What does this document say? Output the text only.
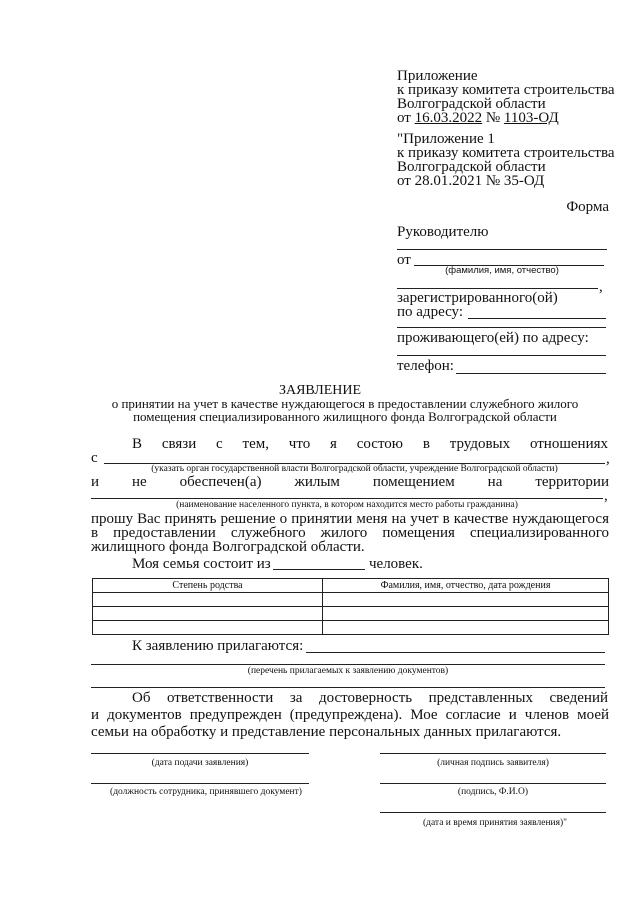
Приложение
к приказу комитета строительства
Волгоградской области
от 16.03.2022 № 1103-ОД
"Приложение 1
к приказу комитета строительства
Волгоградской области
от 28.01.2021 № 35-ОД
Форма
Руководителю
от
(фамилия, имя, отчество)
,
зарегистрированного(ой)
по адресу:
проживающего(ей) по адресу:
телефон:
ЗАЯВЛЕНИЕ
о принятии на учет в качестве нуждающегося в предоставлении служебного жилого
помещения специализированного жилищного фонда Волгоградской области
В связи с тем, что я состою в трудовых отношениях
с	,
(указать орган государственной власти Волгоградской области, учреждение Волгоградской области)
и не обеспечен(а) жилым помещением на территории
,
(наименование населенного пункта, в котором находится место работы гражданина)
прошу Вас принять решение о принятии меня на учет в качестве нуждающегося
в предоставлении служебного жилого помещения специализированного
жилищного фонда Волгоградской области.
Моя семья состоит из	человек.
Степень родства	Фамилия, имя, отчество, дата рождения

К заявлению прилагаются:
(перечень прилагаемых к заявлению документов)
Об ответственности за достоверность представленных сведений
и документов предупрежден (предупреждена). Мое согласие и членов моей
семьи на обработку и представление персональных данных прилагаются.
(дата подачи заявления)	(личная подпись заявителя)
(должность сотрудника, принявшего документ)	(подпись, Ф.И.О)
(дата и время принятия заявления)"
